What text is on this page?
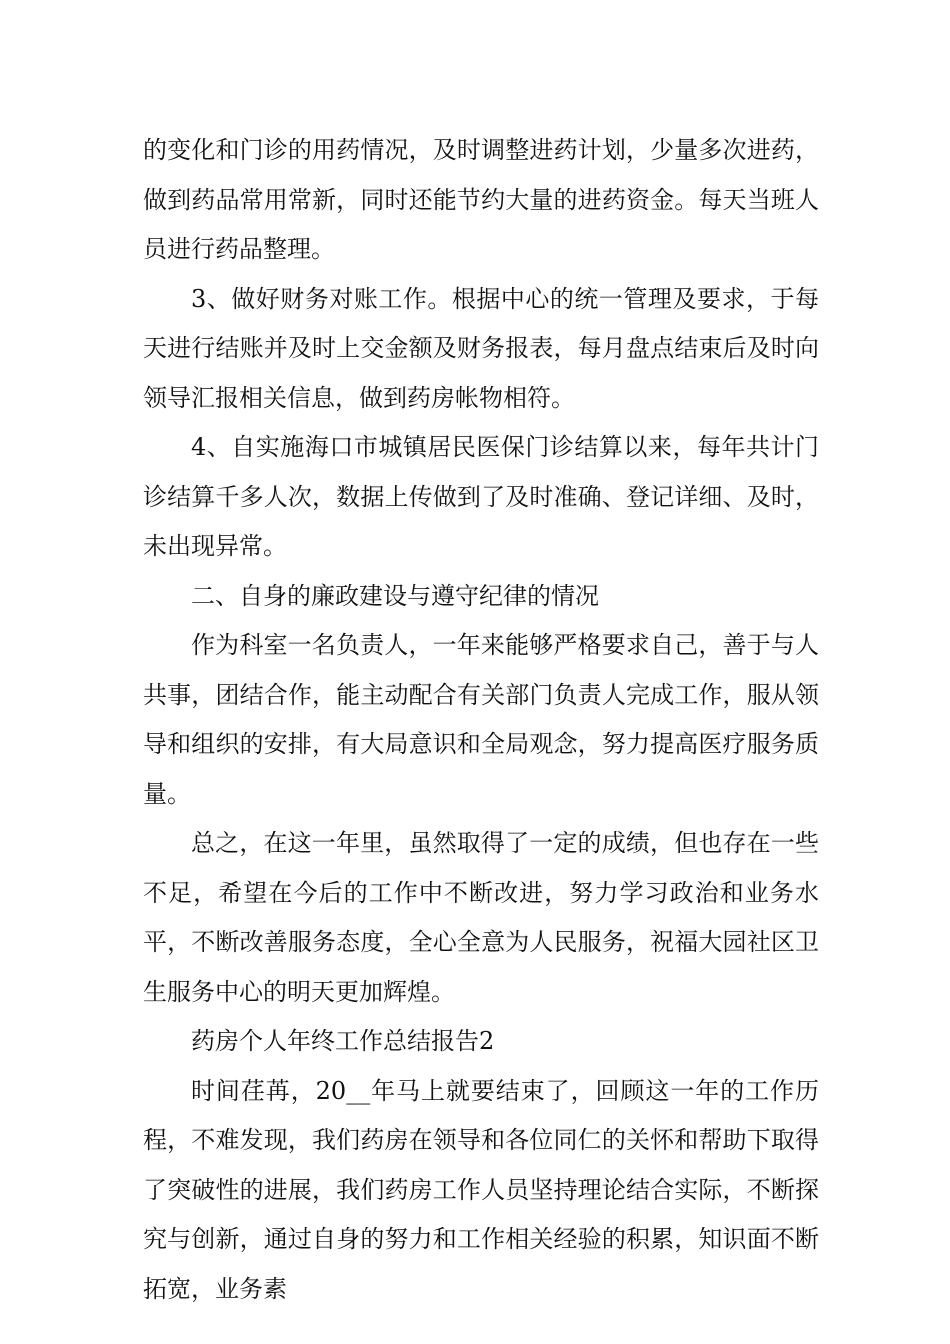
的变化和门诊的用药情况，及时调整进药计划，少量多次进药，做到药品常用常新，同时还能节约大量的进药资金。每天当班人员进行药品整理。

3、做好财务对账工作。根据中心的统一管理及要求，于每天进行结账并及时上交金额及财务报表，每月盘点结束后及时向领导汇报相关信息，做到药房帐物相符。

4、自实施海口市城镇居民医保门诊结算以来，每年共计门诊结算千多人次，数据上传做到了及时准确、登记详细、及时，未出现异常。

二、自身的廉政建设与遵守纪律的情况

作为科室一名负责人，一年来能够严格要求自己，善于与人共事，团结合作，能主动配合有关部门负责人完成工作，服从领导和组织的安排，有大局意识和全局观念，努力提高医疗服务质量。

总之，在这一年里，虽然取得了一定的成绩，但也存在一些不足，希望在今后的工作中不断改进，努力学习政治和业务水平，不断改善服务态度，全心全意为人民服务，祝福大园社区卫生服务中心的明天更加辉煌。

药房个人年终工作总结报告2

时间荏苒，20__年马上就要结束了，回顾这一年的工作历程，不难发现，我们药房在领导和各位同仁的关怀和帮助下取得了突破性的进展，我们药房工作人员坚持理论结合实际，不断探究与创新，通过自身的努力和工作相关经验的积累，知识面不断拓宽，业务素
